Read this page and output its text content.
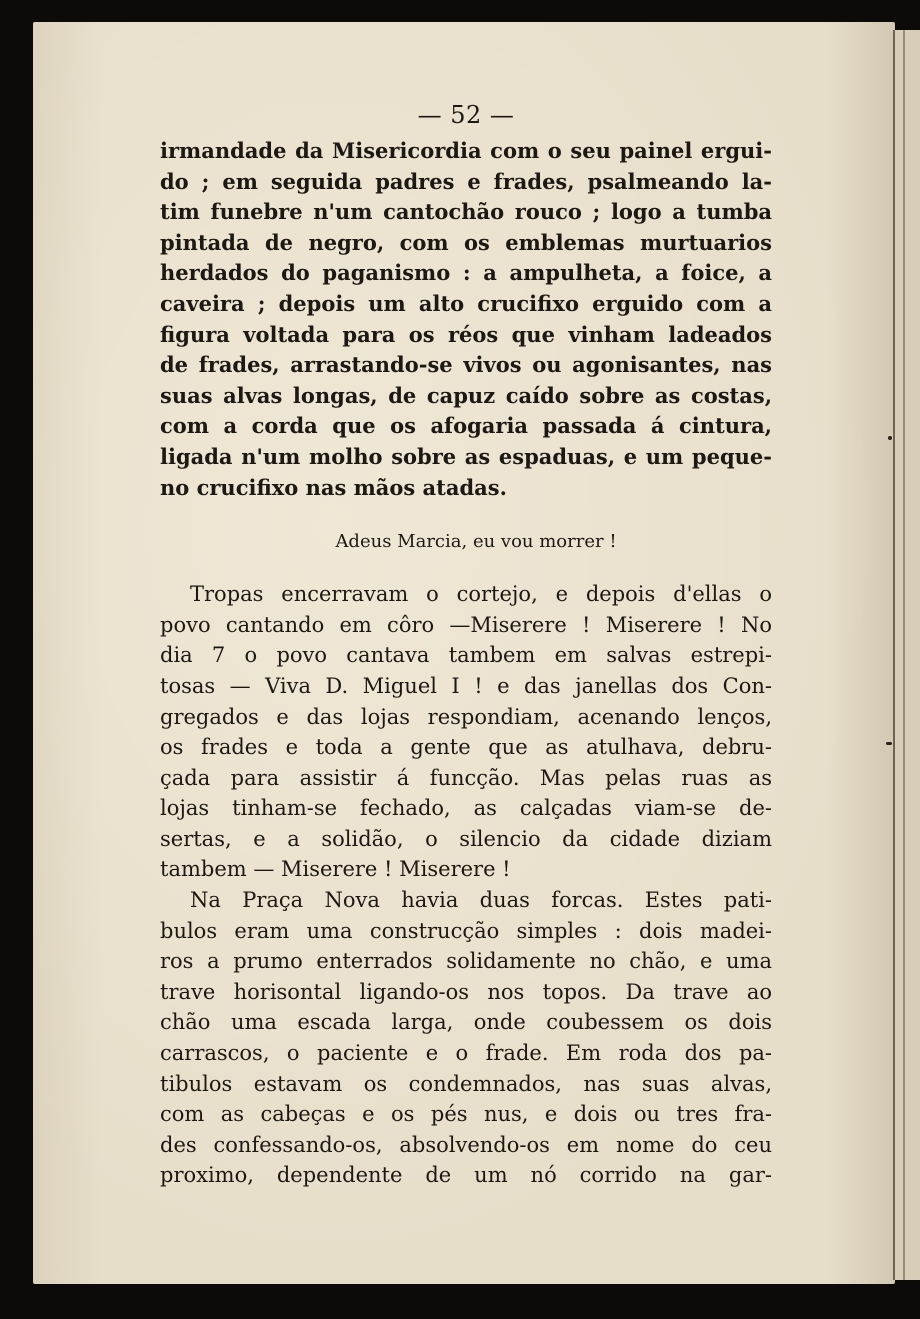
— 52 —
irmandade da Misericordia com o seu painel ergui-
do ; em seguida padres e frades, psalmeando la-
tim funebre n'um cantochão rouco ; logo a tumba
pintada de negro, com os emblemas murtuarios
herdados do paganismo : a ampulheta, a foice, a
caveira ; depois um alto crucifixo erguido com a
figura voltada para os réos que vinham ladeados
de frades, arrastando-se vivos ou agonisantes, nas
suas alvas longas, de capuz caído sobre as costas,
com a corda que os afogaria passada á cintura,
ligada n'um molho sobre as espaduas, e um peque-
no crucifixo nas mãos atadas.
Adeus Marcia, eu vou morrer !
Tropas encerravam o cortejo, e depois d'ellas o
povo cantando em côro —Miserere ! Miserere ! No
dia 7 o povo cantava tambem em salvas estrepi-
tosas — Viva D. Miguel I ! e das janellas dos Con-
gregados e das lojas respondiam, acenando lenços,
os frades e toda a gente que as atulhava, debru-
çada para assistir á funcção. Mas pelas ruas as
lojas tinham-se fechado, as calçadas viam-se de-
sertas, e a solidão, o silencio da cidade diziam
tambem — Miserere ! Miserere !
Na Praça Nova havia duas forcas. Estes pati-
bulos eram uma construcção simples : dois madei-
ros a prumo enterrados solidamente no chão, e uma
trave horisontal ligando-os nos topos. Da trave ao
chão uma escada larga, onde coubessem os dois
carrascos, o paciente e o frade. Em roda dos pa-
tibulos estavam os condemnados, nas suas alvas,
com as cabeças e os pés nus, e dois ou tres fra-
des confessando-os, absolvendo-os em nome do ceu
proximo, dependente de um nó corrido na gar-
